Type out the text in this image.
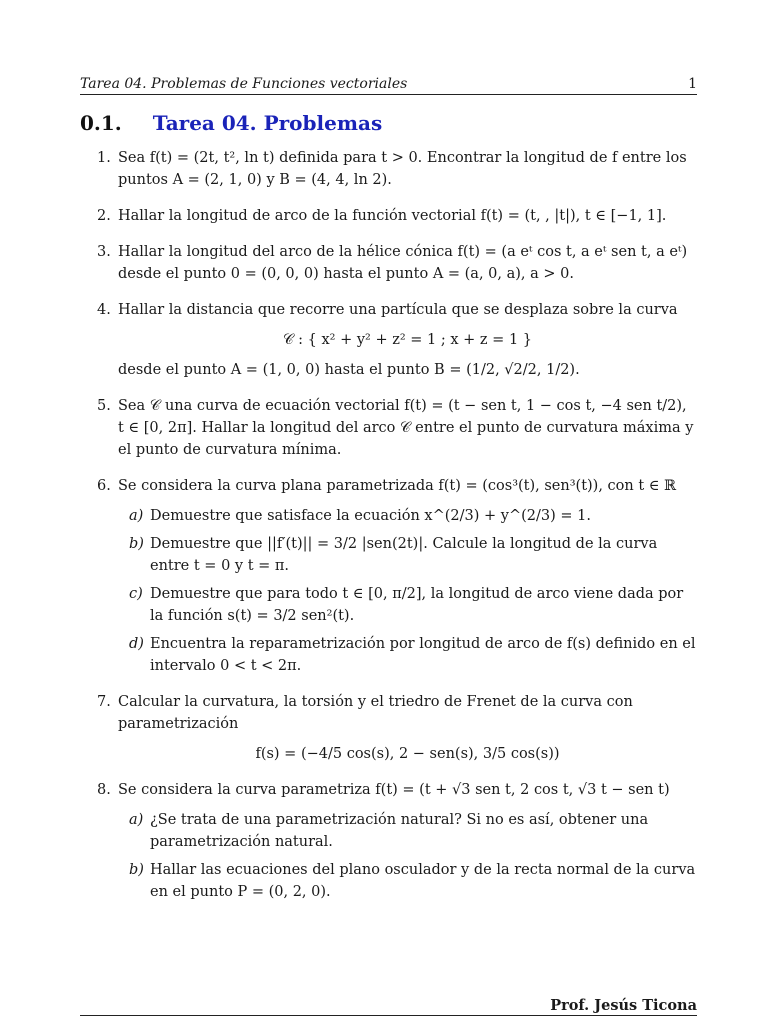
Tarea 04. Problemas de Funciones vectoriales	1
0.1. Tarea 04. Problemas
1. Sea f(t) = (2t, t², ln t) definida para t > 0. Encontrar la longitud de f entre los puntos A = (2, 1, 0) y B = (4, 4, ln 2).
2. Hallar la longitud de arco de la función vectorial f(t) = (t, , |t|), t ∈ [−1, 1].
3. Hallar la longitud del arco de la hélice cónica f(t) = (a eᵗ cos t, a eᵗ sen t, a eᵗ) desde el punto 0 = (0, 0, 0) hasta el punto A = (a, 0, a), a > 0.
4. Hallar la distancia que recorre una partícula que se desplaza sobre la curva
𝒞 : { x² + y² + z² = 1 ; x + z = 1 }
desde el punto A = (1, 0, 0) hasta el punto B = (1/2, √2/2, 1/2).
5. Sea 𝒞 una curva de ecuación vectorial f(t) = (t − sen t, 1 − cos t, −4 sen t/2), t ∈ [0, 2π]. Hallar la longitud del arco 𝒞 entre el punto de curvatura máxima y el punto de curvatura mínima.
6. Se considera la curva plana parametrizada f(t) = (cos³(t), sen³(t)), con t ∈ ℝ
a) Demuestre que satisface la ecuación x^(2/3) + y^(2/3) = 1.
b) Demuestre que ||f′(t)|| = 3/2 |sen(2t)|. Calcule la longitud de la curva entre t = 0 y t = π.
c) Demuestre que para todo t ∈ [0, π/2], la longitud de arco viene dada por la función s(t) = 3/2 sen²(t).
d) Encuentra la reparametrización por longitud de arco de f(s) definido en el intervalo 0 < t < 2π.
7. Calcular la curvatura, la torsión y el triedro de Frenet de la curva con parametrización
f(s) = (−4/5 cos(s), 2 − sen(s), 3/5 cos(s))
8. Se considera la curva parametriza f(t) = (t + √3 sen t, 2 cos t, √3 t − sen t)
a) ¿Se trata de una parametrización natural? Si no es así, obtener una parametrización natural.
b) Hallar las ecuaciones del plano osculador y de la recta normal de la curva en el punto P = (0, 2, 0).
Prof. Jesús Ticona
